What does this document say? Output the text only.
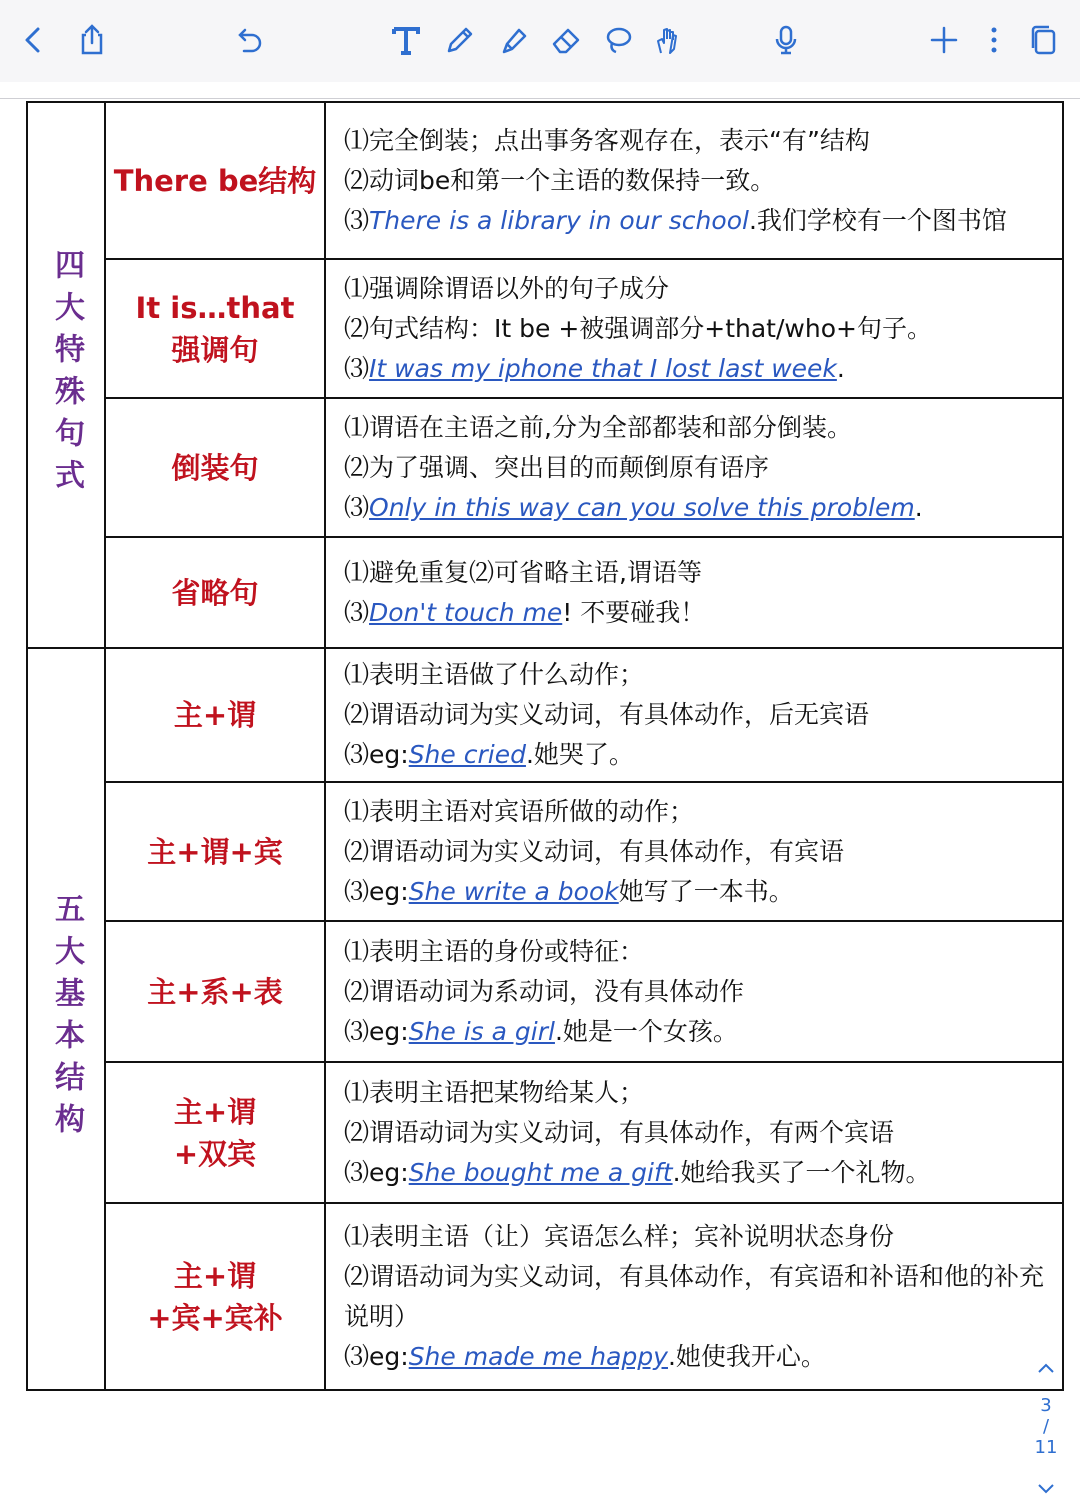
四大特殊句式
五大基本结构
There be结构
⑴完全倒装；点出事务客观存在，表示“有”结构
⑵动词be和第一个主语的数保持一致。
⑶There is a library in our school.我们学校有一个图书馆
It is…that
强调句
⑴强调除谓语以外的句子成分
⑵句式结构：It be +被强调部分+that/who+句子。
⑶It was my iphone that I lost last week.
倒装句
⑴谓语在主语之前,分为全部都装和部分倒装。
⑵为了强调、突出目的而颠倒原有语序
⑶Only in this way can you solve this problem.
省略句
⑴避免重复⑵可省略主语,谓语等
⑶Don't touch me! 不要碰我！
主+谓
⑴表明主语做了什么动作；
⑵谓语动词为实义动词，有具体动作，后无宾语
⑶eg:She cried.她哭了。
主+谓+宾
⑴表明主语对宾语所做的动作；
⑵谓语动词为实义动词，有具体动作，有宾语
⑶eg:She write a book她写了一本书。
主+系+表
⑴表明主语的身份或特征：
⑵谓语动词为系动词，没有具体动作
⑶eg:She is a girl.她是一个女孩。
主+谓
+双宾
⑴表明主语把某物给某人；
⑵谓语动词为实义动词，有具体动作，有两个宾语
⑶eg:She bought me a gift.她给我买了一个礼物。
主+谓
+宾+宾补
⑴表明主语（让）宾语怎么样；宾补说明状态身份
⑵谓语动词为实义动词，有具体动作，有宾语和补语和他的补充说明）
⑶eg:She made me happy.她使我开心。
3
/
11
